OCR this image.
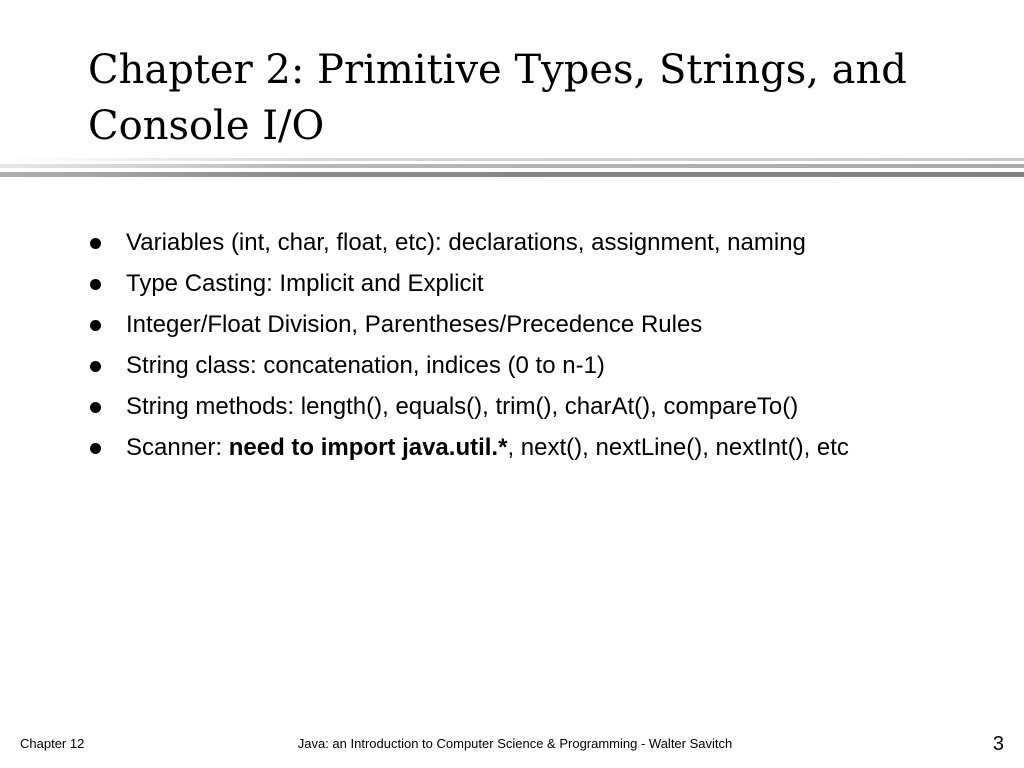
Chapter 2: Primitive Types, Strings, and
Console I/O
Variables (int, char, float, etc): declarations, assignment, naming
Type Casting: Implicit and Explicit
Integer/Float Division, Parentheses/Precedence Rules
String class: concatenation, indices (0 to n-1)
String methods: length(), equals(), trim(), charAt(), compareTo()
Scanner: need to import java.util.*, next(), nextLine(), nextInt(), etc
Chapter 12	Java: an Introduction to Computer Science & Programming - Walter Savitch	3
